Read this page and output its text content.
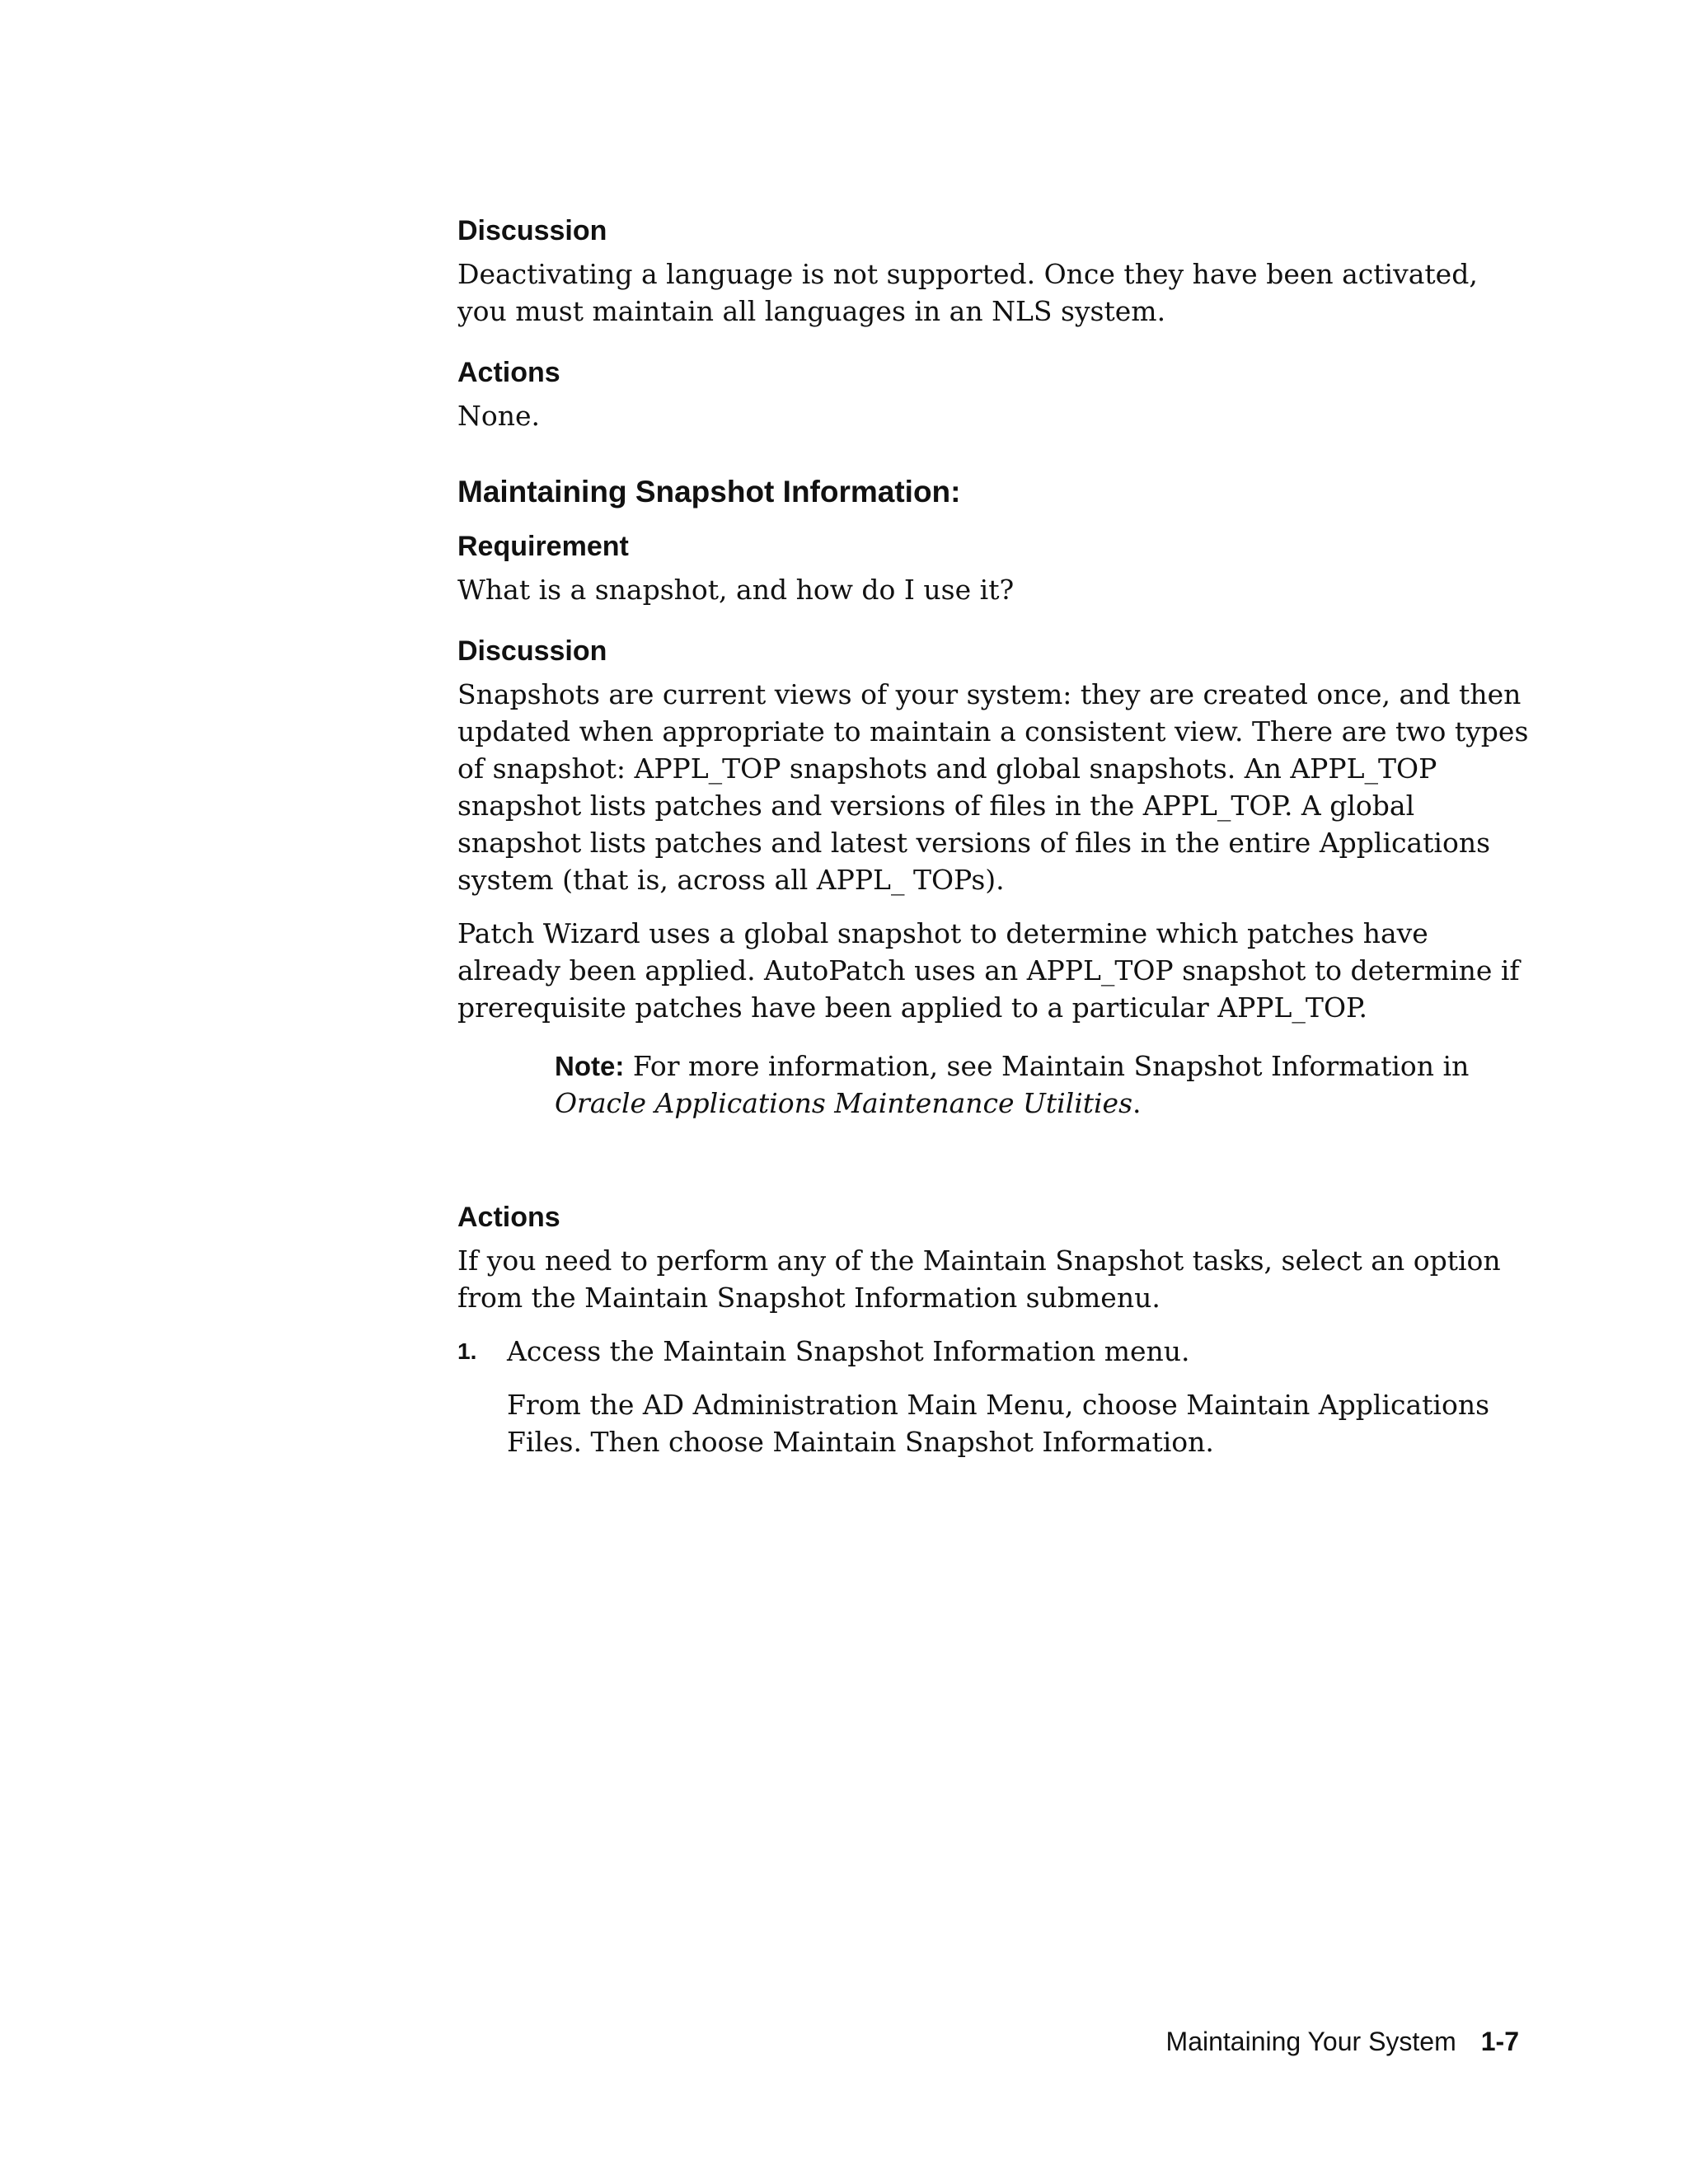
Discussion

Deactivating a language is not supported. Once they have been activated, you must maintain all languages in an NLS system.

Actions

None.

Maintaining Snapshot Information:
Requirement

What is a snapshot, and how do I use it?

Discussion

Snapshots are current views of your system: they are created once, and then updated when appropriate to maintain a consistent view. There are two types of snapshot: APPL_TOP snapshots and global snapshots. An APPL_TOP snapshot lists patches and versions of files in the APPL_TOP. A global snapshot lists patches and latest versions of files in the entire Applications system (that is, across all APPL_ TOPs).

Patch Wizard uses a global snapshot to determine which patches have already been applied. AutoPatch uses an APPL_TOP snapshot to determine if prerequisite patches have been applied to a particular APPL_TOP.

Note: For more information, see Maintain Snapshot Information in
Oracle Applications Maintenance Utilities.

Actions

If you need to perform any of the Maintain Snapshot tasks, select an option from the Maintain Snapshot Information submenu.

1.	Access the Maintain Snapshot Information menu.

From the AD Administration Main Menu, choose Maintain Applications Files. Then choose Maintain Snapshot Information.

Maintaining Your System 1-7
